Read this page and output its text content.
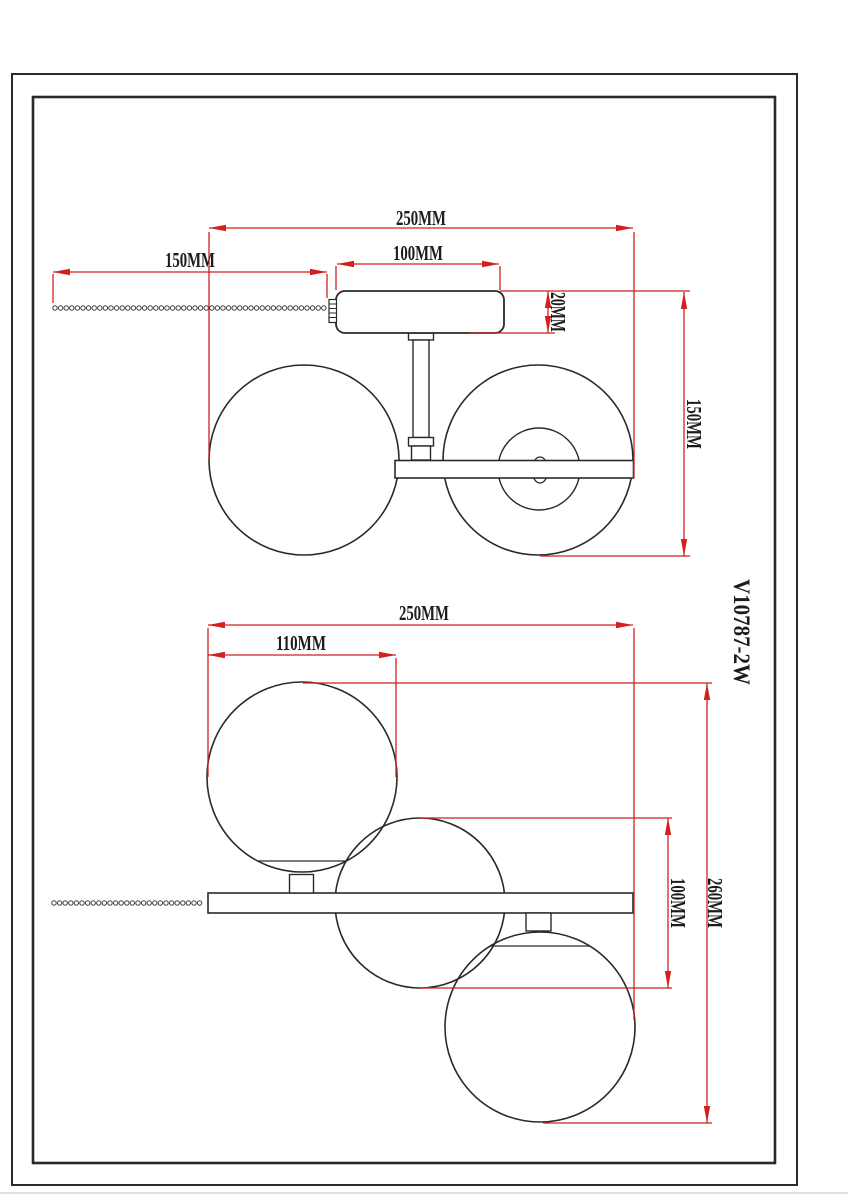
250MM
150MM	100MM
20MM
150MM
250MM
110MM
100MM 260MM
V10787-2W
